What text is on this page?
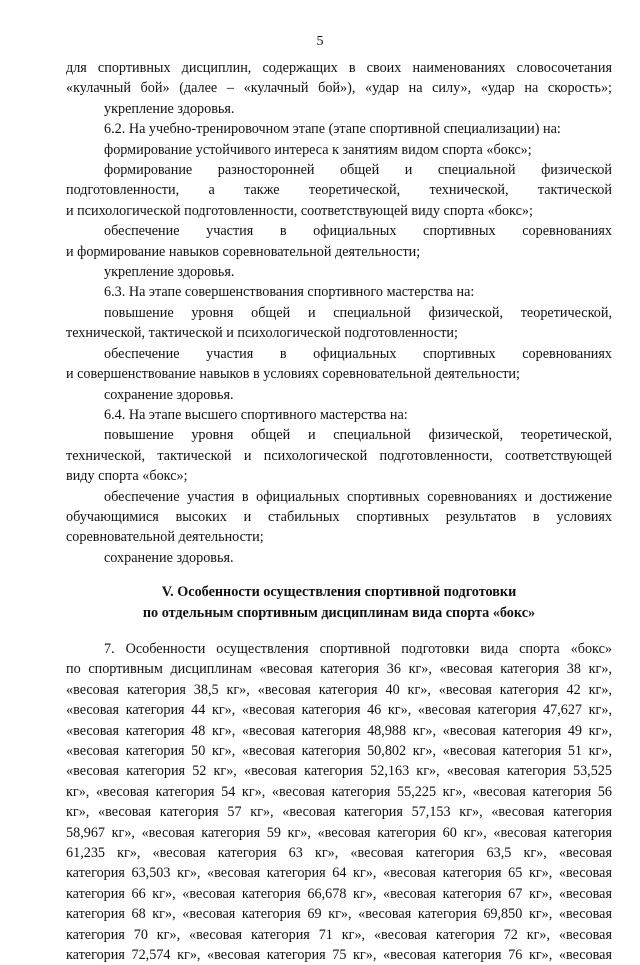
5
для спортивных дисциплин, содержащих в своих наименованиях словосочетания
«кулачный бой» (далее – «кулачный бой»), «удар на силу», «удар на скорость»;
укрепление здоровья.
6.2. На учебно-тренировочном этапе (этапе спортивной специализации) на:
формирование устойчивого интереса к занятиям видом спорта «бокс»;
формирование разносторонней общей и специальной физической
подготовленности, а также теоретической, технической, тактической
и психологической подготовленности, соответствующей виду спорта «бокс»;
обеспечение участия в официальных спортивных соревнованиях
и формирование навыков соревновательной деятельности;
укрепление здоровья.
6.3. На этапе совершенствования спортивного мастерства на:
повышение уровня общей и специальной физической, теоретической,
технической, тактической и психологической подготовленности;
обеспечение участия в официальных спортивных соревнованиях
и совершенствование навыков в условиях соревновательной деятельности;
сохранение здоровья.
6.4. На этапе высшего спортивного мастерства на:
повышение уровня общей и специальной физической, теоретической,
технической, тактической и психологической подготовленности, соответствующей
виду спорта «бокс»;
обеспечение участия в официальных спортивных соревнованиях и достижение
обучающимися высоких и стабильных спортивных результатов в условиях
соревновательной деятельности;
сохранение здоровья.
V. Особенности осуществления спортивной подготовки
по отдельным спортивным дисциплинам вида спорта «бокс»
7. Особенности осуществления спортивной подготовки вида спорта «бокс»
по спортивным дисциплинам «весовая категория 36 кг», «весовая категория 38 кг»,
«весовая категория 38,5 кг», «весовая категория 40 кг», «весовая категория 42 кг»,
«весовая категория 44 кг», «весовая категория 46 кг», «весовая категория 47,627 кг»,
«весовая категория 48 кг», «весовая категория 48,988 кг», «весовая категория 49 кг»,
«весовая категория 50 кг», «весовая категория 50,802 кг», «весовая категория 51 кг»,
«весовая категория 52 кг», «весовая категория 52,163 кг», «весовая категория 53,525
кг», «весовая категория 54 кг», «весовая категория 55,225 кг», «весовая категория 56
кг», «весовая категория 57 кг», «весовая категория 57,153 кг», «весовая категория
58,967 кг», «весовая категория 59 кг», «весовая категория 60 кг», «весовая категория
61,235 кг», «весовая категория 63 кг», «весовая категория 63,5 кг», «весовая
категория 63,503 кг», «весовая категория 64 кг», «весовая категория 65 кг», «весовая
категория 66 кг», «весовая категория 66,678 кг», «весовая категория 67 кг», «весовая
категория 68 кг», «весовая категория 69 кг», «весовая категория 69,850 кг», «весовая
категория 70 кг», «весовая категория 71 кг», «весовая категория 72 кг», «весовая
категория 72,574 кг», «весовая категория 75 кг», «весовая категория 76 кг», «весовая
